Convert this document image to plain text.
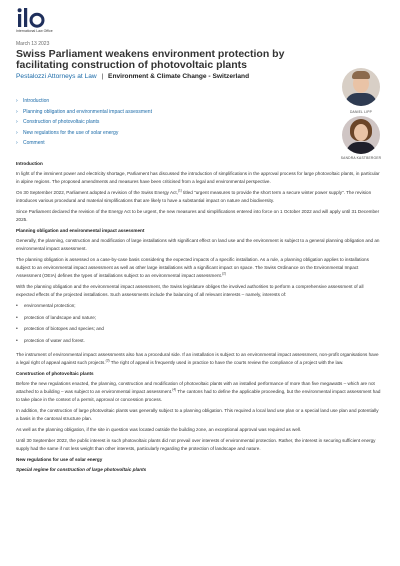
International Law Office
March 13 2023
Swiss Parliament weakens environment protection by facilitating construction of photovoltaic plants
Pestalozzi Attorneys at Law | Environment & Climate Change - Switzerland
DANIEL LIPP
SANDRA KASTBERGER
› Introduction
› Planning obligation and environmental impact assessment
› Construction of photovoltaic plants
› New regulations for the use of solar energy
› Comment
Introduction

In light of the imminent power and electricity shortage, Parliament has discussed the introduction of simplifications in the approval process for large photovoltaic plants, in particular in alpine regions. The proposed amendments and measures have been criticised from a legal and environmental perspective.

On 30 September 2022, Parliament adopted a revision of the Swiss Energy Act,$^{(1)}$ titled "urgent measures to provide the short term a secure winter power supply". The revision introduces various procedural and material simplifications that are likely to have a substantial impact on nature and biodiversity.

Since Parliament declared the revision of the Energy Act to be urgent, the new measures and simplifications entered into force on 1 October 2022 and will apply until 31 December 2025.

Planning obligation and environmental impact assessment

Generally, the planning, construction and modification of large installations with significant effect on land use and the environment is subject to a general planning obligation and an environmental impact assessment.

The planning obligation is assessed on a case-by-case basis considering the expected impacts of a specific installation. As a rule, a planning obligation applies to installations subject to an environmental impact assessment as well as other large installations with a significant impact on space. The Swiss Ordinance on the Environmental Impact Assessment (OEIA) defines the types of installations subject to an environmental impact assessment.$^{(2)}$

With the planning obligation and the environmental impact assessment, the Swiss legislature obliges the involved authorities to perform a comprehensive assessment of all expected effects of the projected installations. Such assessments include the balancing of all relevant interests – namely, interests of:

• environmental protection;
• protection of landscape and nature;
• protection of biotopes and species; and
• protection of water and forest.

The instrument of environmental impact assessments also has a procedural side. If an installation is subject to an environmental impact assessment, non-profit organisations have a legal right of appeal against such projects.$^{(3)}$ The right of appeal is frequently used in practice to have the courts review the compliance of a project with the law.

Construction of photovoltaic plants

Before the new regulations enacted, the planning, construction and modification of photovoltaic plants with an installed performance of more than five megawatts – which are not attached to a building – was subject to an environmental impact assessment.$^{(4)}$ The cantons had to define the applicable proceeding, but the environmental impact assessment had to take place in the context of a permit, approval or concession process.

In addition, the construction of large photovoltaic plants was generally subject to a planning obligation. This required a local land use plan or a special land use plan and potentially a basis in the cantonal structure plan.

As well as the planning obligation, if the site in question was located outside the building zone, an exceptional approval was required as well.

Until 30 September 2022, the public interest in such photovoltaic plants did not prevail over interests of environmental protection. Rather, the interest in securing sufficient energy supply had the same if not less weight than other interests, particularly regarding the protection of landscape and nature.

New regulations for use of solar energy
Special regime for construction of large photovoltaic plants
